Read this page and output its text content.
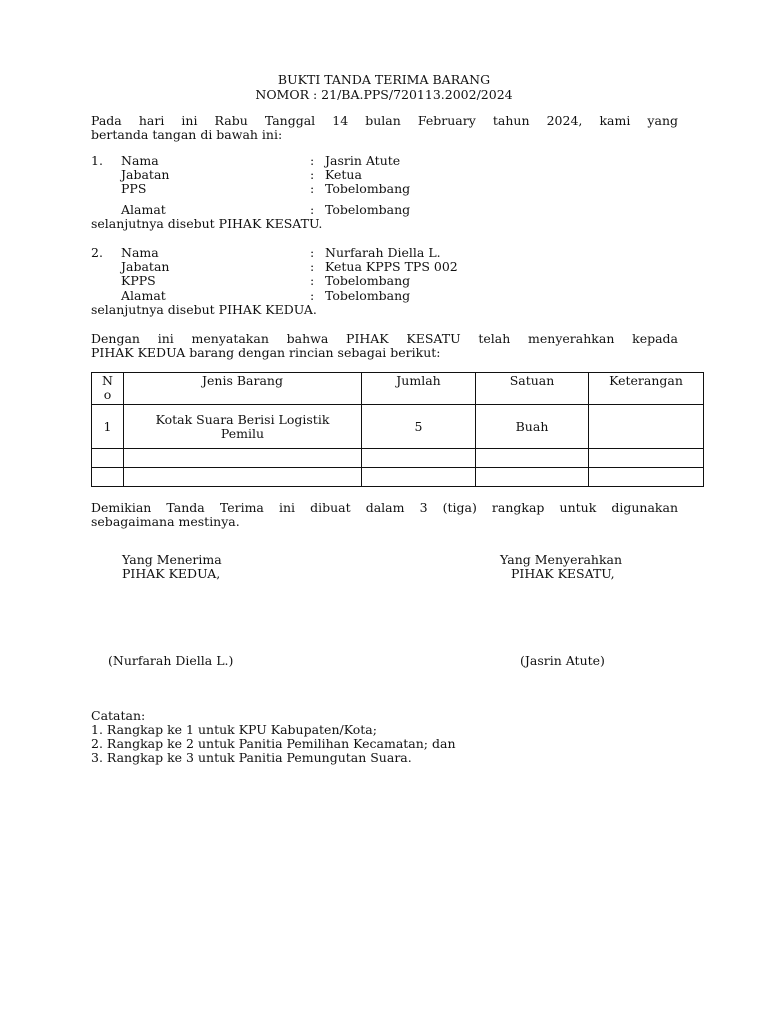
BUKTI TANDA TERIMA BARANG
NOMOR : 21/BA.PPS/720113.2002/2024
Pada hari ini Rabu Tanggal 14 bulan February tahun 2024, kami yang
bertanda tangan di bawah ini:
1. Nama	: Jasrin Atute
Jabatan	: Ketua
PPS	: Tobelombang
Alamat	: Tobelombang
selanjutnya disebut PIHAK KESATU.
2. Nama	: Nurfarah Diella L.
Jabatan	: Ketua KPPS TPS 002
KPPS	: Tobelombang
Alamat	: Tobelombang
selanjutnya disebut PIHAK KEDUA.
Dengan ini menyatakan bahwa PIHAK KESATU telah menyerahkan kepada
PIHAK KEDUA barang dengan rincian sebagai berikut:
N
o	Jenis Barang	Jumlah	Satuan	Keterangan
1	Kotak Suara Berisi Logistik
Pemilu	5	Buah	

Demikian Tanda Terima ini dibuat dalam 3 (tiga) rangkap untuk digunakan
sebagaimana mestinya.
Yang Menerima
PIHAK KEDUA,
Yang Menyerahkan
PIHAK KESATU,
(Nurfarah Diella L.)	(Jasrin Atute)
Catatan:
1. Rangkap ke 1 untuk KPU Kabupaten/Kota;
2. Rangkap ke 2 untuk Panitia Pemilihan Kecamatan; dan
3. Rangkap ke 3 untuk Panitia Pemungutan Suara.
